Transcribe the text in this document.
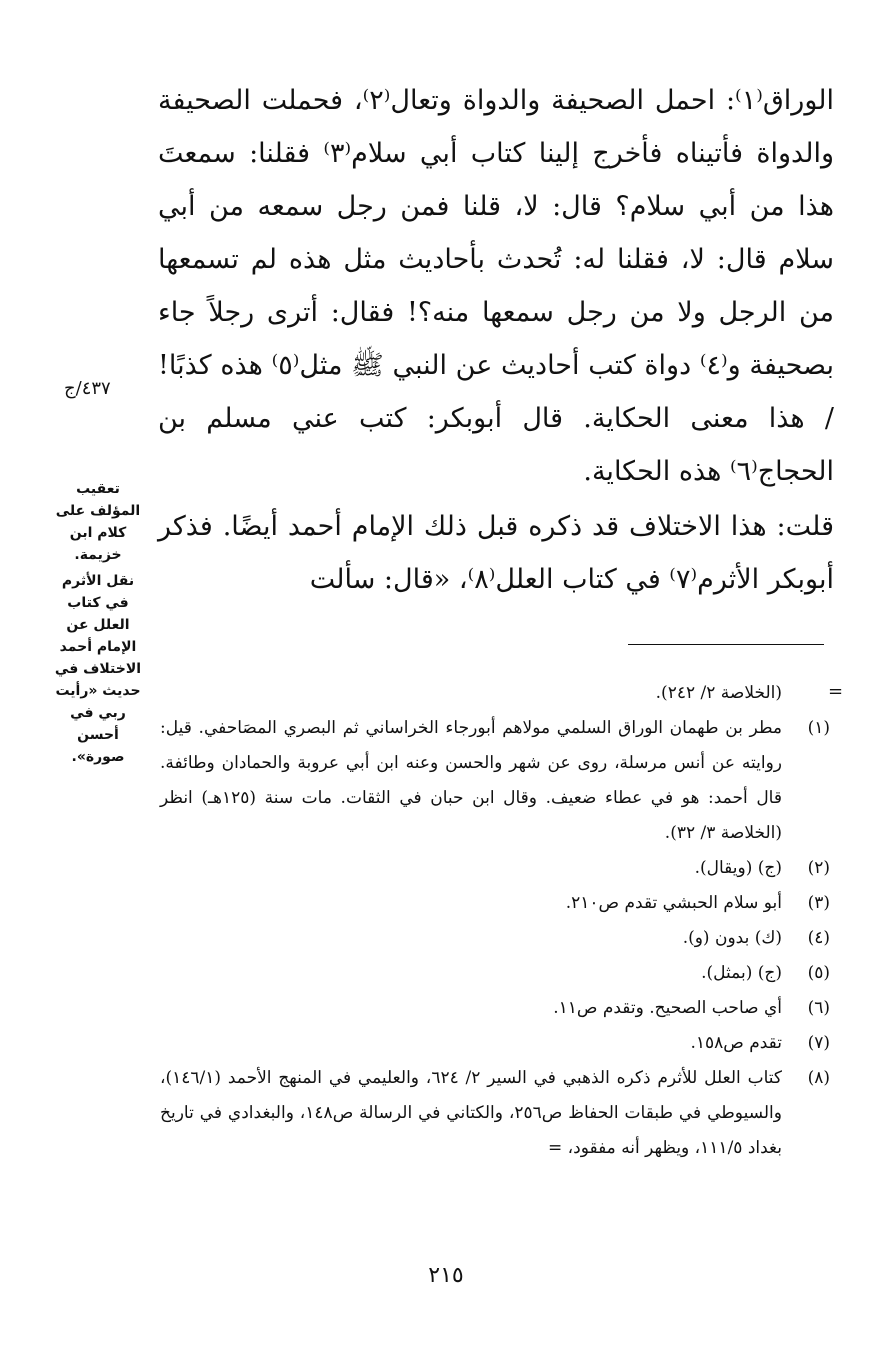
الوراق⁽١⁾: احمل الصحيفة والدواة وتعال⁽٢⁾، فحملت الصحيفة والدواة فأتيناه فأخرج إلينا كتاب أبي سلام⁽٣⁾ فقلنا: سمعتَ هذا من أبي سلام؟ قال: لا، قلنا فمن رجل سمعه من أبي سلام قال: لا، فقلنا له: تُحدث بأحاديث مثل هذه لم تسمعها من الرجل ولا من رجل سمعها منه؟! فقال: أترى رجلاً جاء بصحيفة و⁽٤⁾ دواة كتب أحاديث عن النبي ﷺ مثل⁽٥⁾ هذه كذبًا! / هذا معنى الحكاية. قال أبوبكر: كتب عني مسلم بن الحجاج⁽٦⁾ هذه الحكاية.

قلت: هذا الاختلاف قد ذكره قبل ذلك الإمام أحمد أيضًا. فذكر أبوبكر الأثرم⁽٧⁾ في كتاب العلل⁽٨⁾، «قال: سألت

٤٣٧/ج

تعقيب المؤلف على كلام ابن خزيمة.

نقل الأثرم في كتاب العلل عن الإمام أحمد الاختلاف في حديث «رأيت ربي في أحسن صورة».

=
(الخلاصة ٢/ ٢٤٢).
(١)
مطر بن طهمان الوراق السلمي مولاهم أبورجاء الخراساني ثم البصري المصَاحفي. قيل: روايته عن أنس مرسلة، روى عن شهر والحسن وعنه ابن أبي عروبة والحمادان وطائفة. قال أحمد: هو في عطاء ضعيف. وقال ابن حبان في الثقات. مات سنة (١٢٥هـ) انظر (الخلاصة ٣/ ٣٢).
(٢)
(ج) (ويقال).
(٣)
أبو سلام الحبشي تقدم ص٢١٠.
(٤)
(ك) بدون (و).
(٥)
(ج) (بمثل).
(٦)
أي صاحب الصحيح. وتقدم ص١١.
(٧)
تقدم ص١٥٨.
(٨)
كتاب العلل للأثرم ذكره الذهبي في السير ٢/ ٦٢٤، والعليمي في المنهج الأحمد (١٤٦/١)، والسيوطي في طبقات الحفاظ ص٢٥٦، والكتاني في الرسالة ص١٤٨، والبغدادي في تاريخ بغداد ١١١/٥، ويظهر أنه مفقود، =
٢١٥
